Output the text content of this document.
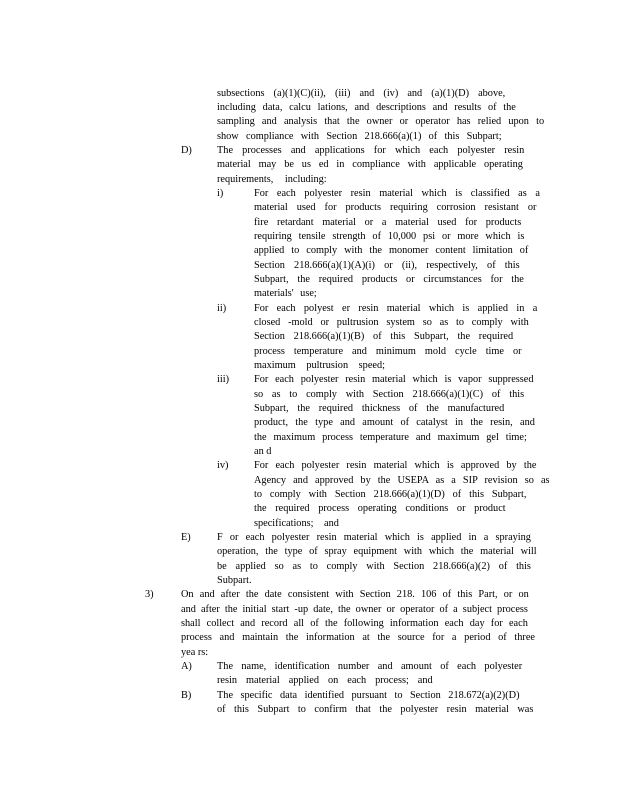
subsections (a)(1)(C)(ii), (iii) and (iv) and (a)(1)(D) above,
including data, calcu lations, and descriptions and results of the
sampling and analysis that the owner or operator has relied upon to
show compliance with Section 218.666(a)(1) of this Subpart;
D) The processes and applications for which each polyester resin
material may be us ed in compliance with applicable operating
requirements, including:
i)	For each polyester resin material which is classified as a
material used for products requiring corrosion resistant or
fire retardant material or a material used for products
requiring tensile strength of 10,000 psi or more which is
applied to comply with the monomer content limitation of
Section 218.666(a)(1)(A)(i) or (ii), respectively, of this
Subpart, the required products or circumstances for the
materials' use;
ii)	For each polyest er resin material which is applied in a
closed -mold or pultrusion system so as to comply with
Section 218.666(a)(1)(B) of this Subpart, the required
process temperature and minimum mold cycle time or
maximum pultrusion speed;
iii) For each polyester resin material which is vapor suppressed
so as to comply with Section 218.666(a)(1)(C) of this
Subpart, the required thickness of the manufactured
product, the type and amount of catalyst in the resin, and
the maximum process temperature and maximum gel time;
an d
iv) For each polyester resin material which is approved by the
Agency and approved by the USEPA as a SIP revision so as
to comply with Section 218.666(a)(1)(D) of this Subpart,
the required process operating conditions or product
specifications; and
E)	F or each polyester resin material which is applied in a spraying
operation, the type of spray equipment with which the material will
be applied so as to comply with Section 218.666(a)(2) of this
Subpart.
3)	On and after the date consistent with Section 218. 106 of this Part, or on
and after the initial start -up date, the owner or operator of a subject process
shall collect and record all of the following information each day for each
process and maintain the information at the source for a period of three
yea rs:
A) The name, identification number and amount of each polyester
resin material applied on each process; and
B) The specific data identified pursuant to Section 218.672(a)(2)(D)
of this Subpart to confirm that the polyester resin material was
